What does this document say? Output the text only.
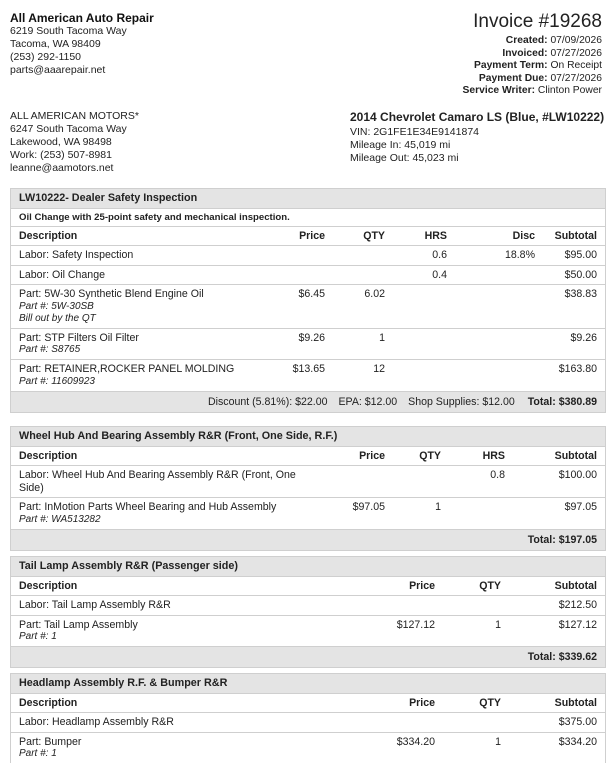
All American Auto Repair
6219 South Tacoma Way
Tacoma, WA 98409
(253) 292-1150
parts@aaarepair.net
Invoice #19268
Created: 07/09/2026
Invoiced: 07/27/2026
Payment Term: On Receipt
Payment Due: 07/27/2026
Service Writer: Clinton Power
ALL AMERICAN MOTORS*
6247 South Tacoma Way
Lakewood, WA 98498
Work: (253) 507-8981
leanne@aamotors.net
2014 Chevrolet Camaro LS (Blue, #LW10222)
VIN: 2G1FE1E34E9141874
Mileage In: 45,019 mi
Mileage Out: 45,023 mi
LW10222- Dealer Safety Inspection
Oil Change with 25-point safety and mechanical inspection.
Description	Price	QTY	HRS	Disc	Subtotal
Labor: Safety Inspection			0.6	18.8%	$95.00
Labor: Oil Change			0.4		$50.00

Part: 5W-30 Synthetic Blend Engine Oil
Part #: 5W-30SB
Bill out by the QT	$6.45	6.02			$38.83

Part: STP Filters Oil Filter
Part #: S8765	$9.26	1			$9.26

Part: RETAINER,ROCKER PANEL MOLDING
Part #: 11609923	$13.65	12			$163.80
Discount (5.81%): $22.00 EPA: $12.00 Shop Supplies: $12.00 Total: $380.89
Wheel Hub And Bearing Assembly R&R (Front, One Side, R.F.)
Description	Price	QTY	HRS	Subtotal
Labor: Wheel Hub And Bearing Assembly R&R (Front, One Side)			0.8	$100.00

Part: InMotion Parts Wheel Bearing and Hub Assembly
Part #: WA513282	$97.05	1		$97.05
Total: $197.05
Tail Lamp Assembly R&R (Passenger side)
Description	Price	QTY	Subtotal
Labor: Tail Lamp Assembly R&R			$212.50

Part: Tail Lamp Assembly
Part #: 1	$127.12	1	$127.12
Total: $339.62
Headlamp Assembly R.F. & Bumper R&R
Description	Price	QTY	Subtotal
Labor: Headlamp Assembly R&R			$375.00

Part: Bumper
Part #: 1	$334.20	1	$334.20
